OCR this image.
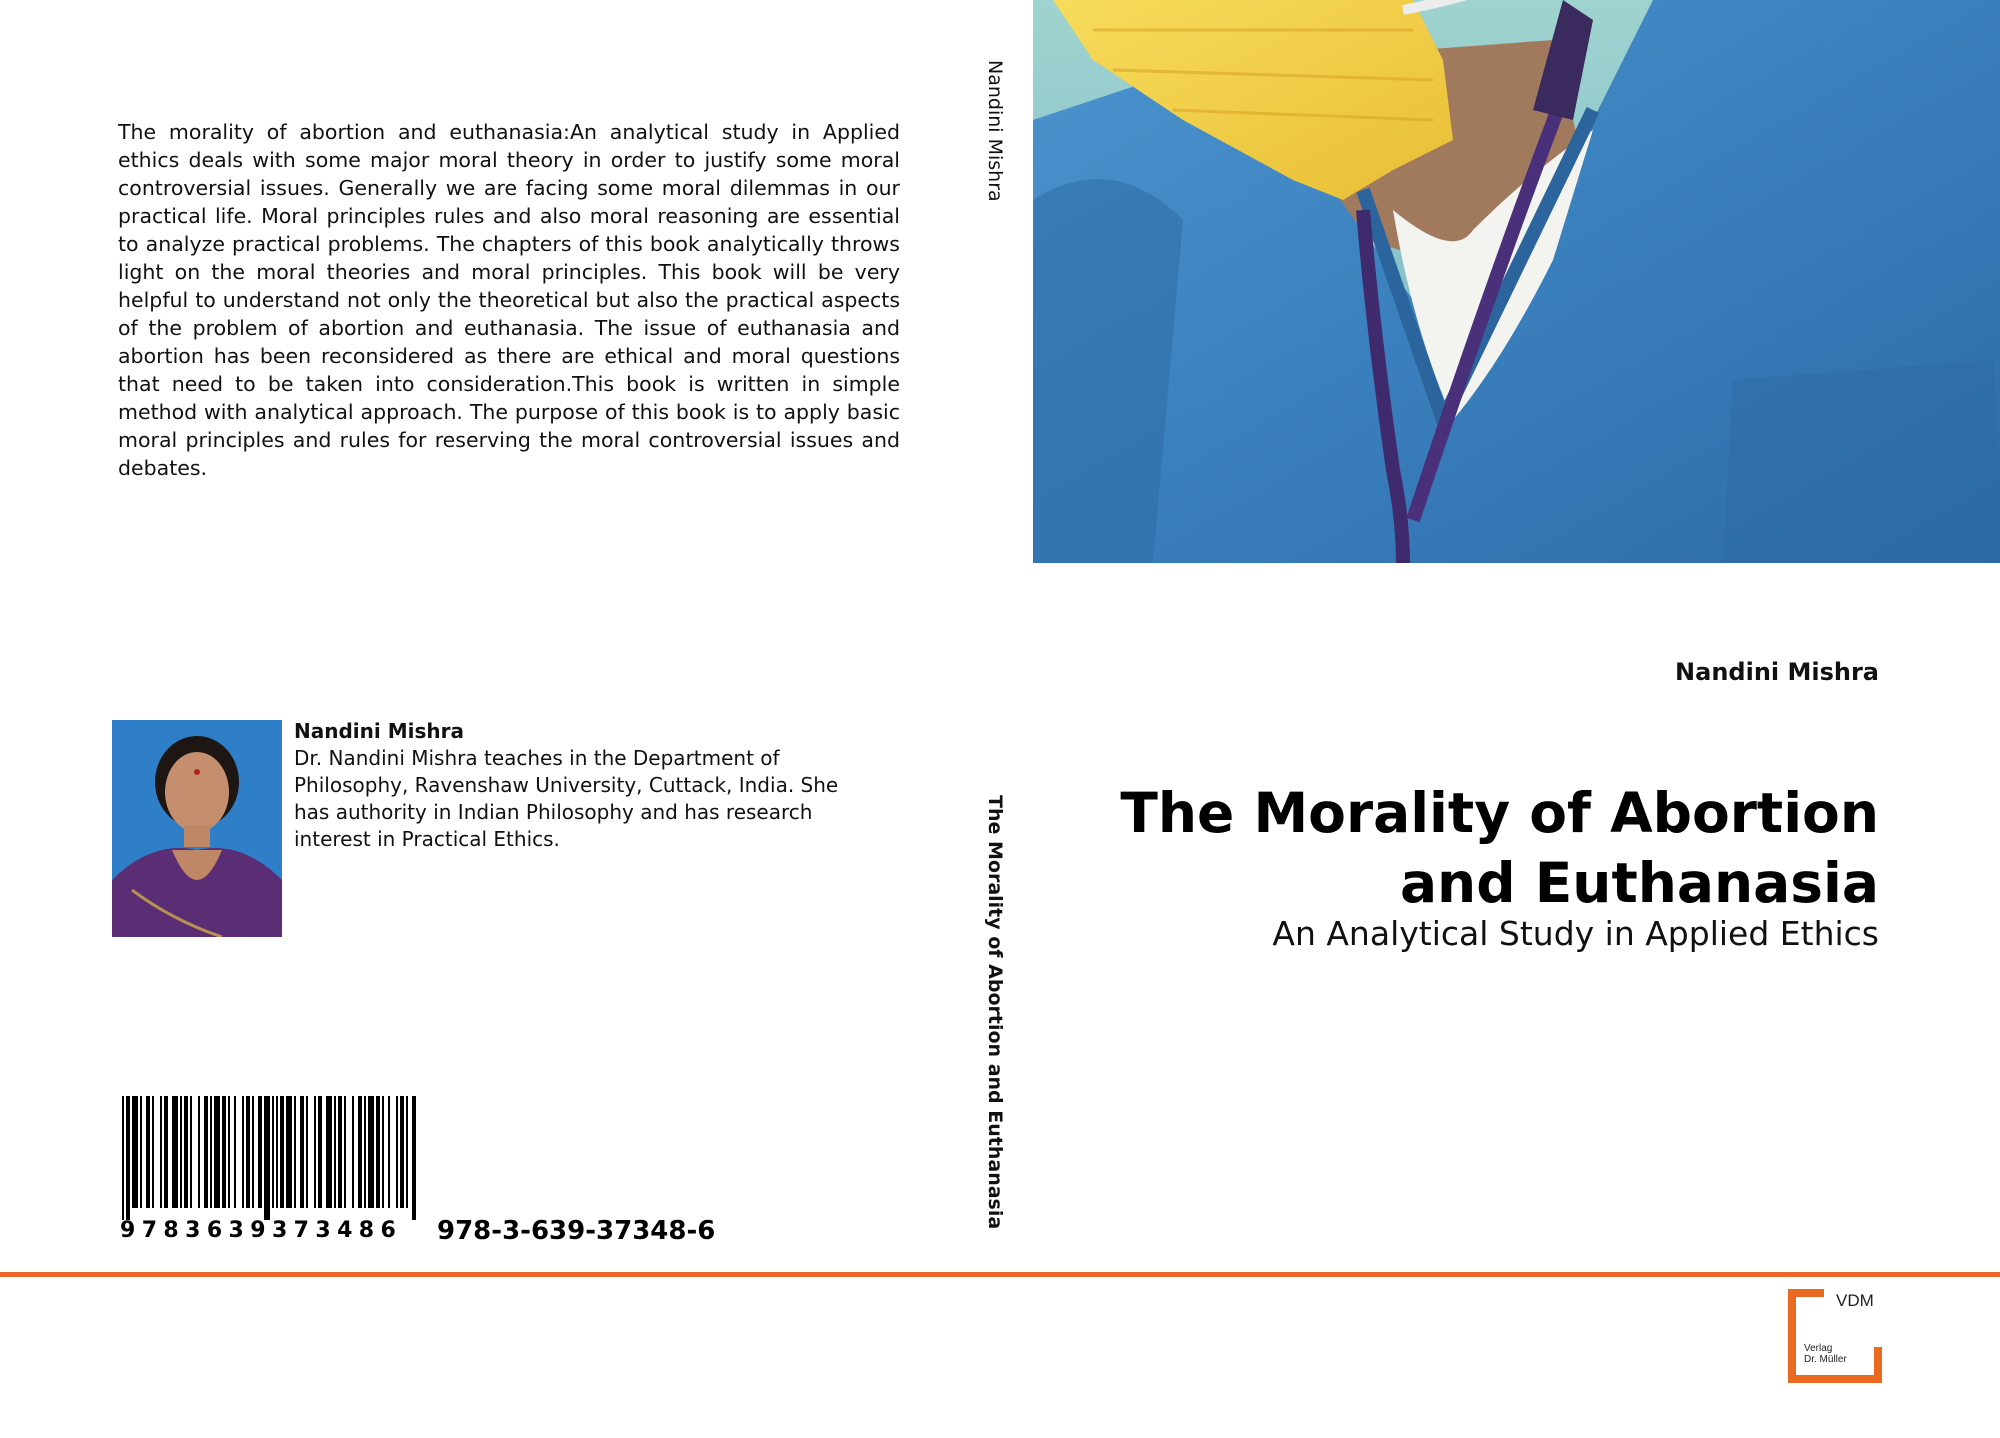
The morality of abortion and euthanasia:An analytical study in Applied ethics deals with some major moral theory in order to justify some moral controversial issues. Generally we are facing some moral dilemmas in our practical life. Moral principles rules and also moral reasoning are essential to analyze practical problems. The chapters of this book analytically throws light on the moral theories and moral principles. This book will be very helpful to understand not only the theoretical but also the practical aspects of the problem of abortion and euthanasia. The issue of euthanasia and abortion has been reconsidered as there are ethical and moral questions that need to be taken into consideration.This book is written in simple method with analytical approach. The purpose of this book is to apply basic moral principles and rules for reserving the moral controversial issues and debates.

Nandini Mishra
The Morality of Abortion and Euthanasia
Nandini Mishra
The Morality of Abortion and Euthanasia
An Analytical Study in Applied Ethics
Nandini Mishra
Dr. Nandini Mishra teaches in the Department of Philosophy, Ravenshaw University, Cuttack, India. She has authority in Indian Philosophy and has research interest in Practical Ethics.
9783639373486	978-3-639-37348-6
VDM
Verlag
Dr. Müller
